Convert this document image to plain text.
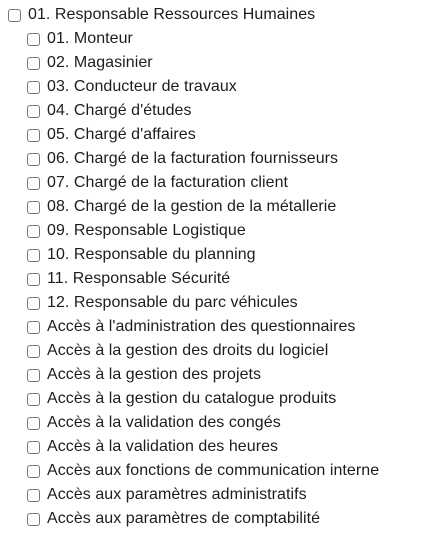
01. Responsable Ressources Humaines
01. Monteur
02. Magasinier
03. Conducteur de travaux
04. Chargé d'études
05. Chargé d'affaires
06. Chargé de la facturation fournisseurs
07. Chargé de la facturation client
08. Chargé de la gestion de la métallerie
09. Responsable Logistique
10. Responsable du planning
11. Responsable Sécurité
12. Responsable du parc véhicules
Accès à l'administration des questionnaires
Accès à la gestion des droits du logiciel
Accès à la gestion des projets
Accès à la gestion du catalogue produits
Accès à la validation des congés
Accès à la validation des heures
Accès aux fonctions de communication interne
Accès aux paramètres administratifs
Accès aux paramètres de comptabilité
